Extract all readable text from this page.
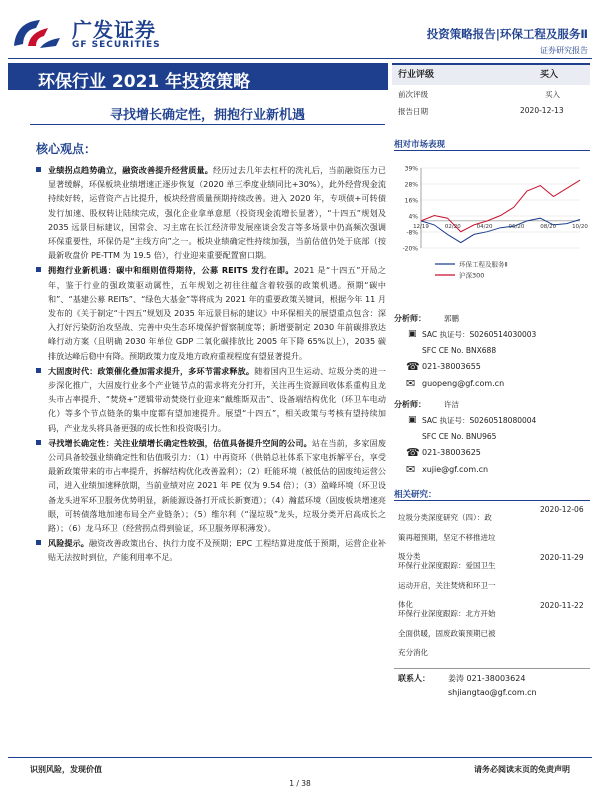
广发证券
GF SECURITIES
投资策略报告|环保工程及服务Ⅱ
证券研究报告
环保行业 2021 年投资策略
寻找增长确定性，拥抱行业新机遇
核心观点：
业绩拐点趋势确立，融资改善提升经营质量。经历过去几年去杠杆的洗礼后，当前融资压力已显著缓解，环保板块业绩增速正逐步恢复（2020 单三季度业绩同比+30%），此外经营现金流持续好转，运营资产占比提升，板块经营质量预期持续改善。进入 2020 年，专项债+可转债发行加速、股权转让陆续完成，强化企业拿单意愿（投资现金流增长显著），“十四五”规划及 2035 远景目标建议，国常会、习主席在长江经济带发展座谈会发言等多场景中仍高频次强调环保重要性，环保仍是“主线方向”之一。板块业绩确定性持续加强，当前估值仍处于底部（按最新收盘价 PE-TTM 为 19.5 倍），行业迎来重要配置窗口期。
拥抱行业新机遇：碳中和细则值得期待，公募 REITS 发行在即。2021 是“十四五”开局之年，鉴于行业的强政策驱动属性，五年规划之初往往蕴含着较强的政策机遇。预期“碳中和”、“基建公募 REITs”、“绿色大基金”等将成为 2021 年的重要政策关键词，根据今年 11 月发布的《关于制定“十四五”规划及 2035 年远景目标的建议》中环保相关的展望重点包含：深入打好污染防治攻坚战、完善中央生态环境保护督察制度等；新增要制定 2030 年前碳排放达峰行动方案（且明确 2030 年单位 GDP 二氧化碳排放比 2005 年下降 65%以上），2035 碳排放达峰后稳中有降。预期政策力度及地方政府重视程度有望显著提升。
大固废时代：政策催化叠加需求提升，多环节需求释放。随着国内卫生运动、垃圾分类的进一步深化推广，大固废行业多个产业链节点的需求将充分打开，关注再生资源回收体系重构且龙头市占率提升、“焚烧+”逻辑带动焚烧行业迎来“戴维斯双击”、设备端结构优化（环卫车电动化）等多个节点链条的集中度都有望加速提升。展望“十四五”，相关政策与考核有望持续加码，产业龙头将具备更强的成长性和投资吸引力。
寻找增长确定性：关注业绩增长确定性较强，估值具备提升空间的公司。站在当前，多家固废公司具备较强业绩确定性和估值吸引力：（1）中再资环（供销总社体系下家电拆解平台，享受最新政策带来的市占率提升，拆解结构优化改善盈利）；（2）旺能环境（被低估的固废纯运营公司，进入业绩加速释放期，当前业绩对应 2021 年 PE 仅为 9.54 倍）；（3）盈峰环境（环卫设备龙头进军环卫服务优势明显，新能源设备打开成长新赛道）；（4）瀚蓝环境（固废板块增速亮眼，可转债落地加速布局全产业链条）；（5）维尔利（“湿垃圾”龙头，垃圾分类开启高成长之路）；（6）龙马环卫（经营拐点得到验证，环卫服务厚积薄发）。
风险提示。融资改善政策出台、执行力度不及预期；EPC 工程结算进度低于预期，运营企业补贴无法按时到位，产能利用率不足。
行业评级	买入
前次评级	买入
报告日期	2020-12-13
相对市场表现
-20%
-8%
4%
16%
28%
39%
12/19	02/20	04/20	06/20	08/20	10/20
环保工程及服务Ⅱ
沪深300
分析师： 郭鹏
▣ SAC 执证号：S0260514030003
SFC CE No. BNX688
☎ 021-38003655
✉ guopeng@gf.com.cn
分析师： 许洁
▣ SAC 执证号：S0260518080004
SFC CE No. BNU965
☎ 021-38003625
✉ xujie@gf.com.cn
相关研究：
垃圾分类深度研究（四）：政策再超预期，坚定不移推进垃圾分类
2020-12-06
环保行业深度跟踪：爱国卫生运动开启，关注焚烧和环卫一体化
2020-11-29
环保行业深度跟踪：北方开始全面供暖，固废政策预期已被充分消化
2020-11-22
联系人： 姜涛 021-38003624
shjiangtao@gf.com.cn
识别风险，发现价值	请务必阅读末页的免责声明
1 / 38
